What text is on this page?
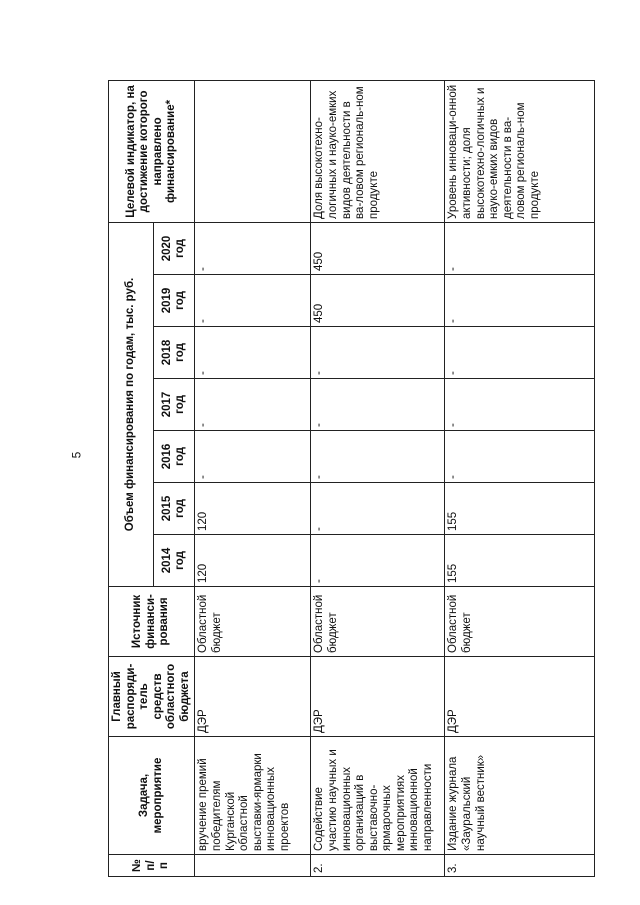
5
№ п/п	Задача, мероприятие	Главный распоряди-тель средств областного бюджета	Источник финанси-рования	Объем финансирования по годам, тыс. руб.							Целевой индикатор, на достижение которого направлено финансирование*
				2014 год	2015 год	2016 год	2017 год	2018 год	2019 год	2020 год	
	вручение премий победителям Курганской областной выставки-ярмарки инновационных проектов	ДЭР	Областной бюджет	120	120	-	-	-	-	-	
2.	Содействие участию научных и инновационных организаций в выставочно-ярмарочных мероприятиях инновационной направленности	ДЭР	Областной бюджет	-	-	-	-	-	450	450	Доля высокотехно-логичных и науко-емких видов деятельности в ва-ловом региональ-ном продукте
3.	Издание журнала «Зауральский научный вестник»	ДЭР	Областной бюджет	155	155	-	-	-	-	-	Уровень инноваци-онной активности; доля высокотехно-логичных и науко-емких видов деятельности в ва-ловом региональ-ном продукте
